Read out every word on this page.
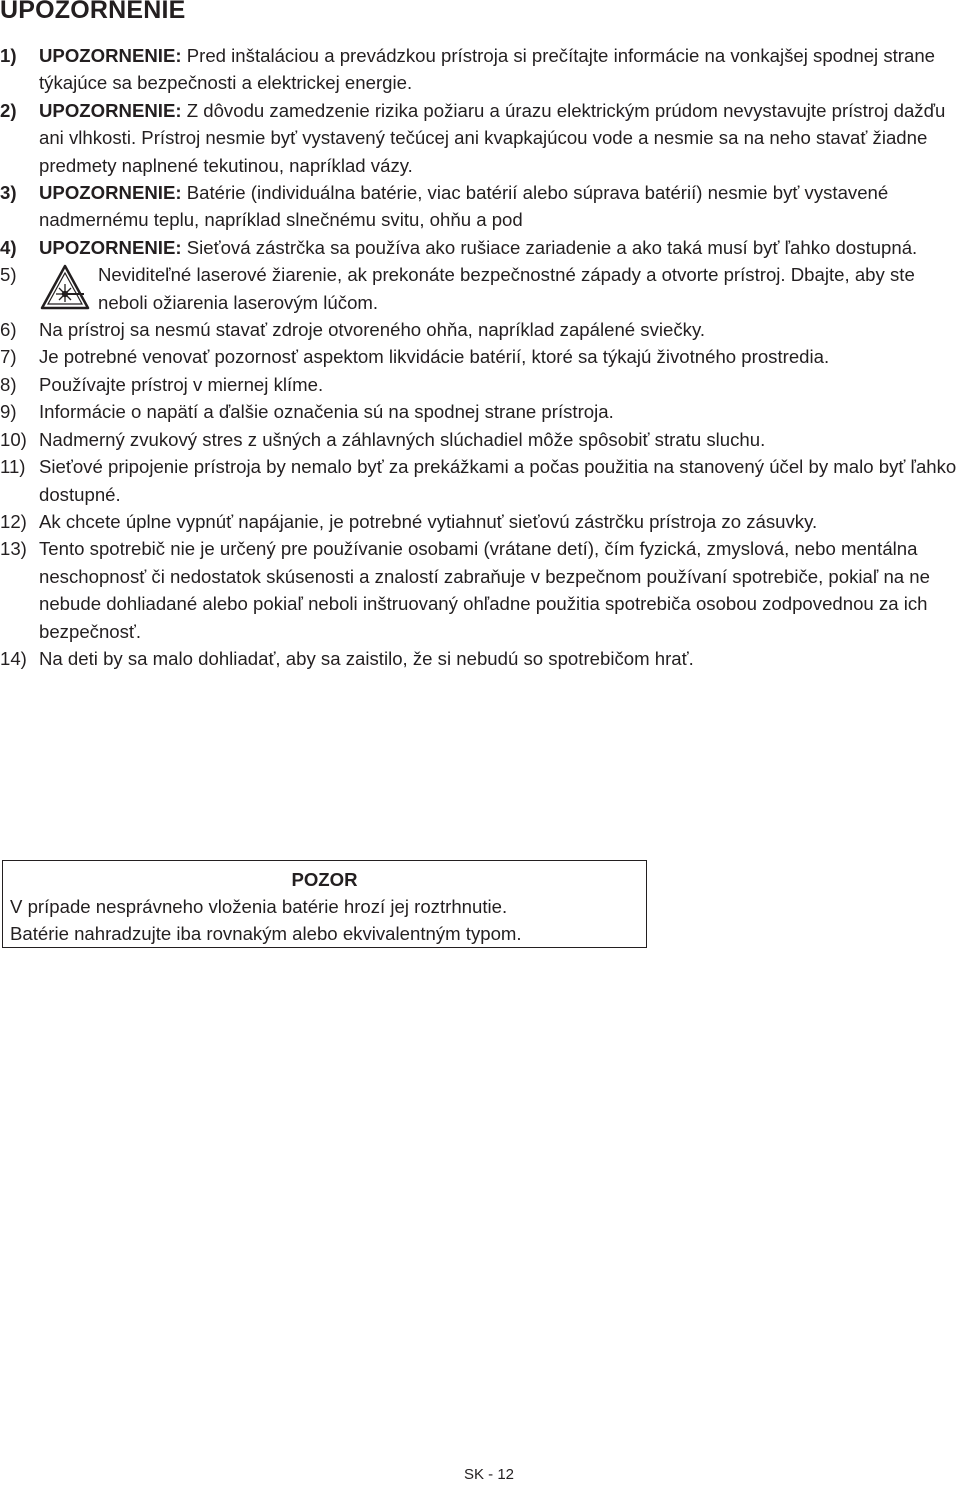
UPOZORNENIE
1)	UPOZORNENIE: Pred inštaláciou a prevádzkou prístroja si prečítajte informácie na vonkajšej spodnej strane týkajúce sa bezpečnosti a elektrickej energie.
2)	UPOZORNENIE: Z dôvodu zamedzenie rizika požiaru a úrazu elektrickým prúdom nevystavujte prístroj dažďu ani vlhkosti. Prístroj nesmie byť vystavený tečúcej ani kvapkajúcou vode a nesmie sa na neho stavať žiadne predmety naplnené tekutinou, napríklad vázy.
3)	UPOZORNENIE: Batérie (individuálna batérie, viac batérií alebo súprava batérií) nesmie byť vystavené nadmernému teplu, napríklad slnečnému svitu, ohňu a pod
4)	UPOZORNENIE: Sieťová zástrčka sa používa ako rušiace zariadenie a ako taká musí byť ľahko dostupná.
5)	Neviditeľné laserové žiarenie, ak prekonáte bezpečnostné západy a otvorte prístroj. Dbajte, aby ste neboli ožiarenia laserovým lúčom.
6)	Na prístroj sa nesmú stavať zdroje otvoreného ohňa, napríklad zapálené sviečky.
7)	Je potrebné venovať pozornosť aspektom likvidácie batérií, ktoré sa týkajú životného prostredia.
8)	Používajte prístroj v miernej klíme.
9)	Informácie o napätí a ďalšie označenia sú na spodnej strane prístroja.
10) Nadmerný zvukový stres z ušných a záhlavných slúchadiel môže spôsobiť stratu sluchu.
11) Sieťové pripojenie prístroja by nemalo byť za prekážkami a počas použitia na stanovený účel by malo byť ľahko dostupné.
12) Ak chcete úplne vypnúť napájanie, je potrebné vytiahnuť sieťovú zástrčku prístroja zo zásuvky.
13) Tento spotrebič nie je určený pre používanie osobami (vrátane detí), čím fyzická, zmyslová, nebo mentálna neschopnosť či nedostatok skúsenosti a znalostí zabraňuje v bezpečnom používaní spotrebiče, pokiaľ na ne nebude dohliadané alebo pokiaľ neboli inštruovaný ohľadne použitia spotrebiča osobou zodpovednou za ich bezpečnosť.
14) Na deti by sa malo dohliadať, aby sa zaistilo, že si nebudú so spotrebičom hrať.
POZOR
V prípade nesprávneho vloženia batérie hrozí jej roztrhnutie.
Batérie nahradzujte iba rovnakým alebo ekvivalentným typom.
SK - 12
